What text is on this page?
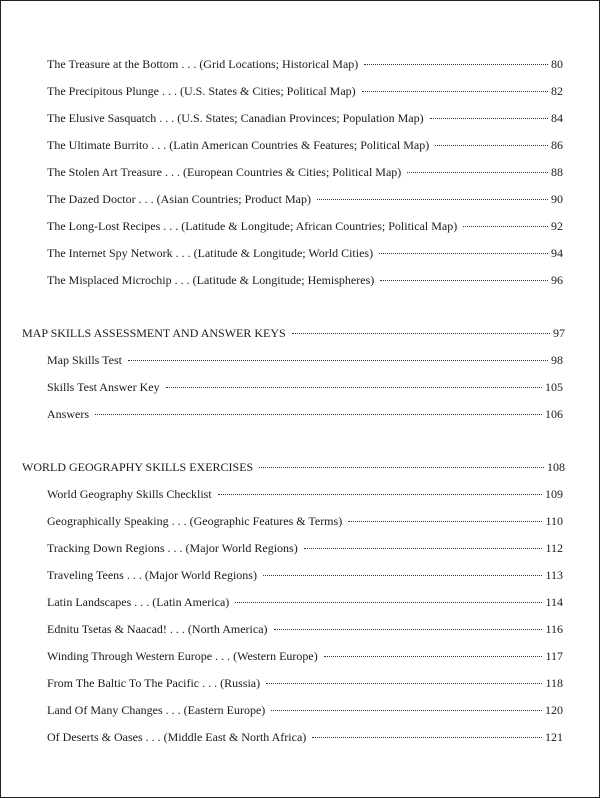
The Treasure at the Bottom . . . (Grid Locations; Historical Map)	80
The Precipitous Plunge . . . (U.S. States & Cities; Political Map)	82
The Elusive Sasquatch . . . (U.S. States; Canadian Provinces; Population Map)	84
The Ultimate Burrito . . . (Latin American Countries & Features; Political Map)	86
The Stolen Art Treasure . . . (European Countries & Cities; Political Map)	88
The Dazed Doctor . . . (Asian Countries; Product Map)	90
The Long-Lost Recipes . . . (Latitude & Longitude; African Countries; Political Map)	92
The Internet Spy Network . . . (Latitude & Longitude; World Cities)	94
The Misplaced Microchip . . . (Latitude & Longitude; Hemispheres)	96
MAP SKILLS ASSESSMENT AND ANSWER KEYS	97
Map Skills Test	98
Skills Test Answer Key	105
Answers	106
WORLD GEOGRAPHY SKILLS EXERCISES	108
World Geography Skills Checklist	109
Geographically Speaking . . . (Geographic Features & Terms)	110
Tracking Down Regions . . . (Major World Regions)	112
Traveling Teens . . . (Major World Regions)	113
Latin Landscapes . . . (Latin America)	114
Ednitu Tsetas & Naacad! . . . (North America)	116
Winding Through Western Europe . . . (Western Europe)	117
From The Baltic To The Pacific . . . (Russia)	118
Land Of Many Changes . . . (Eastern Europe)	120
Of Deserts & Oases . . . (Middle East & North Africa)	121
